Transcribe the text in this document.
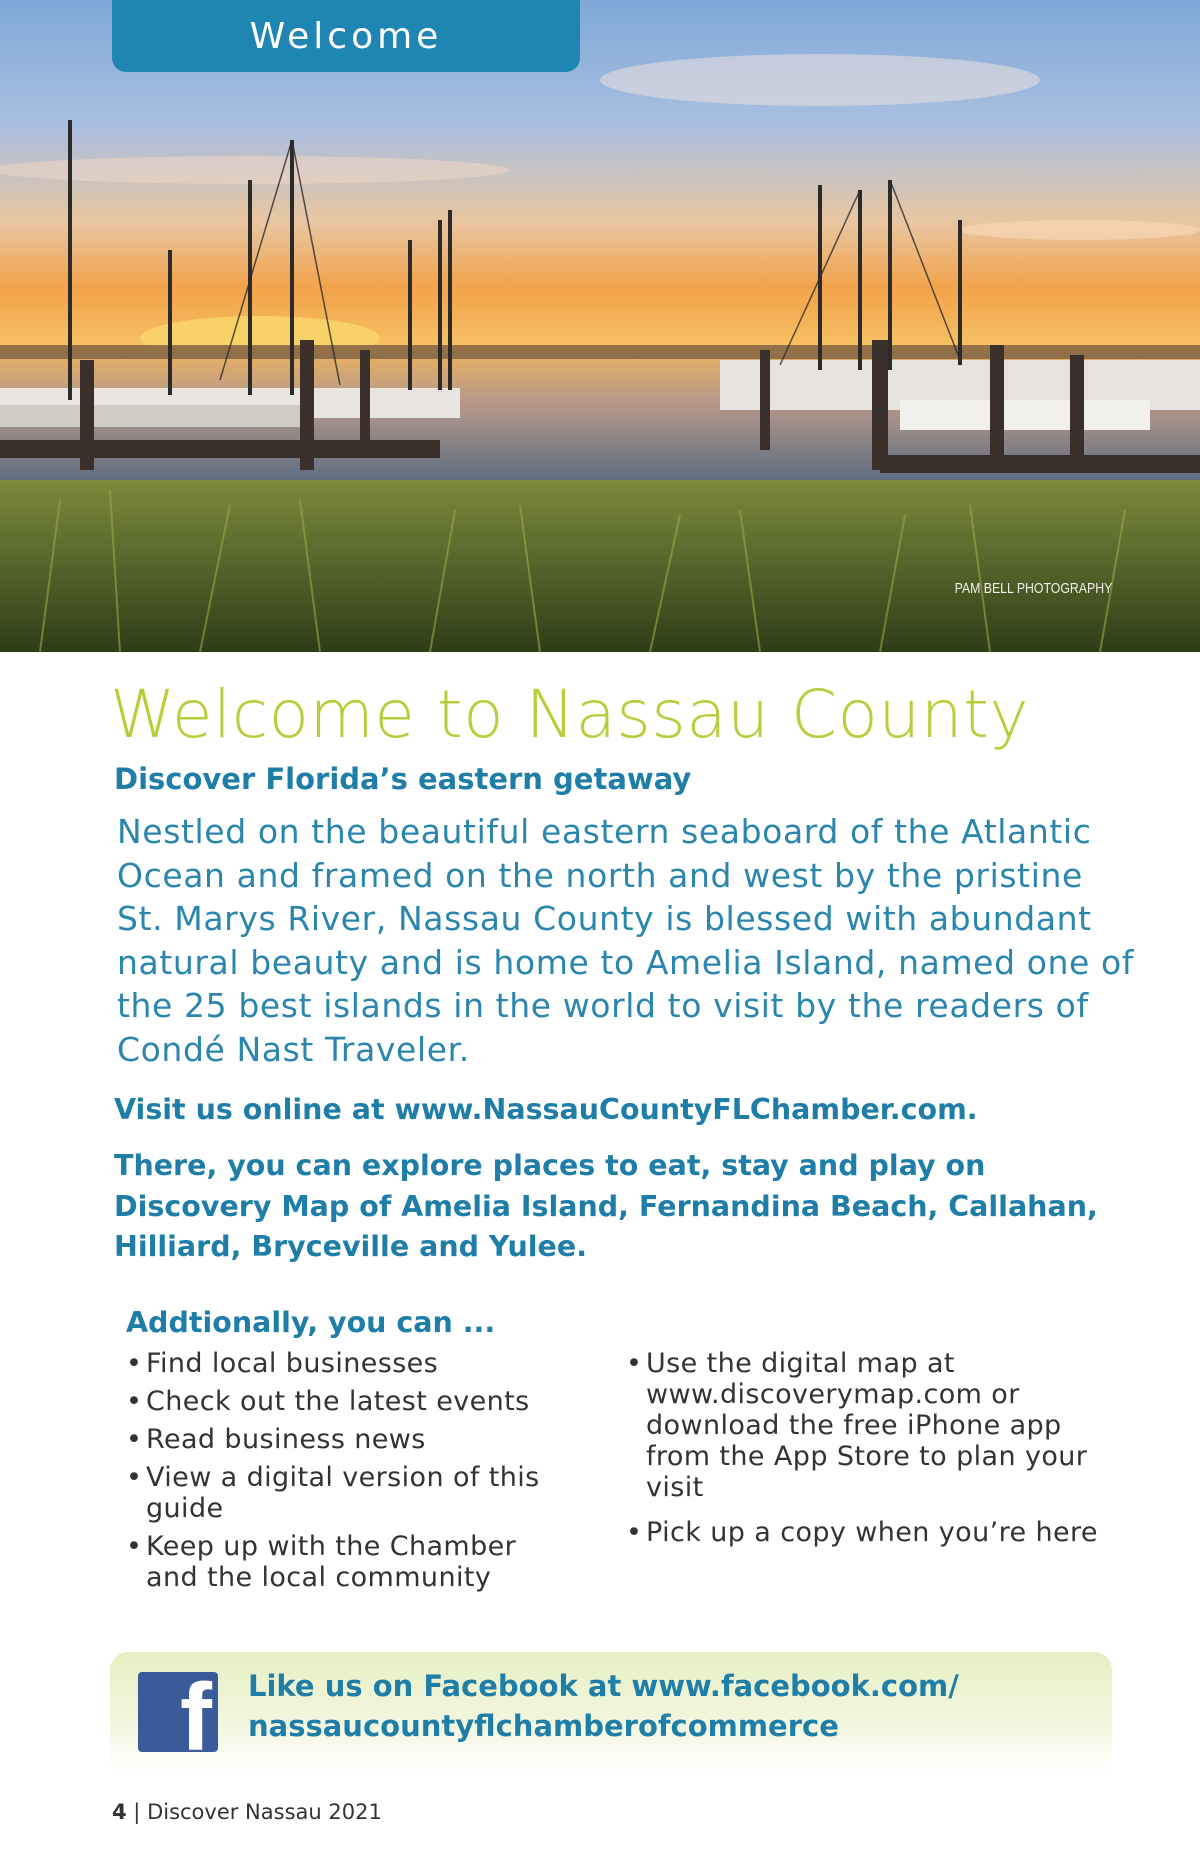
Welcome
PAM BELL PHOTOGRAPHY
Welcome to Nassau County
Discover Florida’s eastern getaway
Nestled on the beautiful eastern seaboard of the Atlantic Ocean and framed on the north and west by the pristine St. Marys River, Nassau County is blessed with abundant natural beauty and is home to Amelia Island, named one of the 25 best islands in the world to visit by the readers of Condé Nast Traveler.
Visit us online at www.NassauCountyFLChamber.com.
There, you can explore places to eat, stay and play on Discovery Map of Amelia Island, Fernandina Beach, Callahan, Hilliard, Bryceville and Yulee.
Addtionally, you can ...
• Find local businesses
• Check out the latest events
• Read business news
• View a digital version of this guide
• Keep up with the Chamber and the local community
• Use the digital map at www.discoverymap.com or download the free iPhone app from the App Store to plan your visit
• Pick up a copy when you’re here
f Like us on Facebook at www.facebook.com/
nassaucountyflchamberofcommerce
4 | Discover Nassau 2021
